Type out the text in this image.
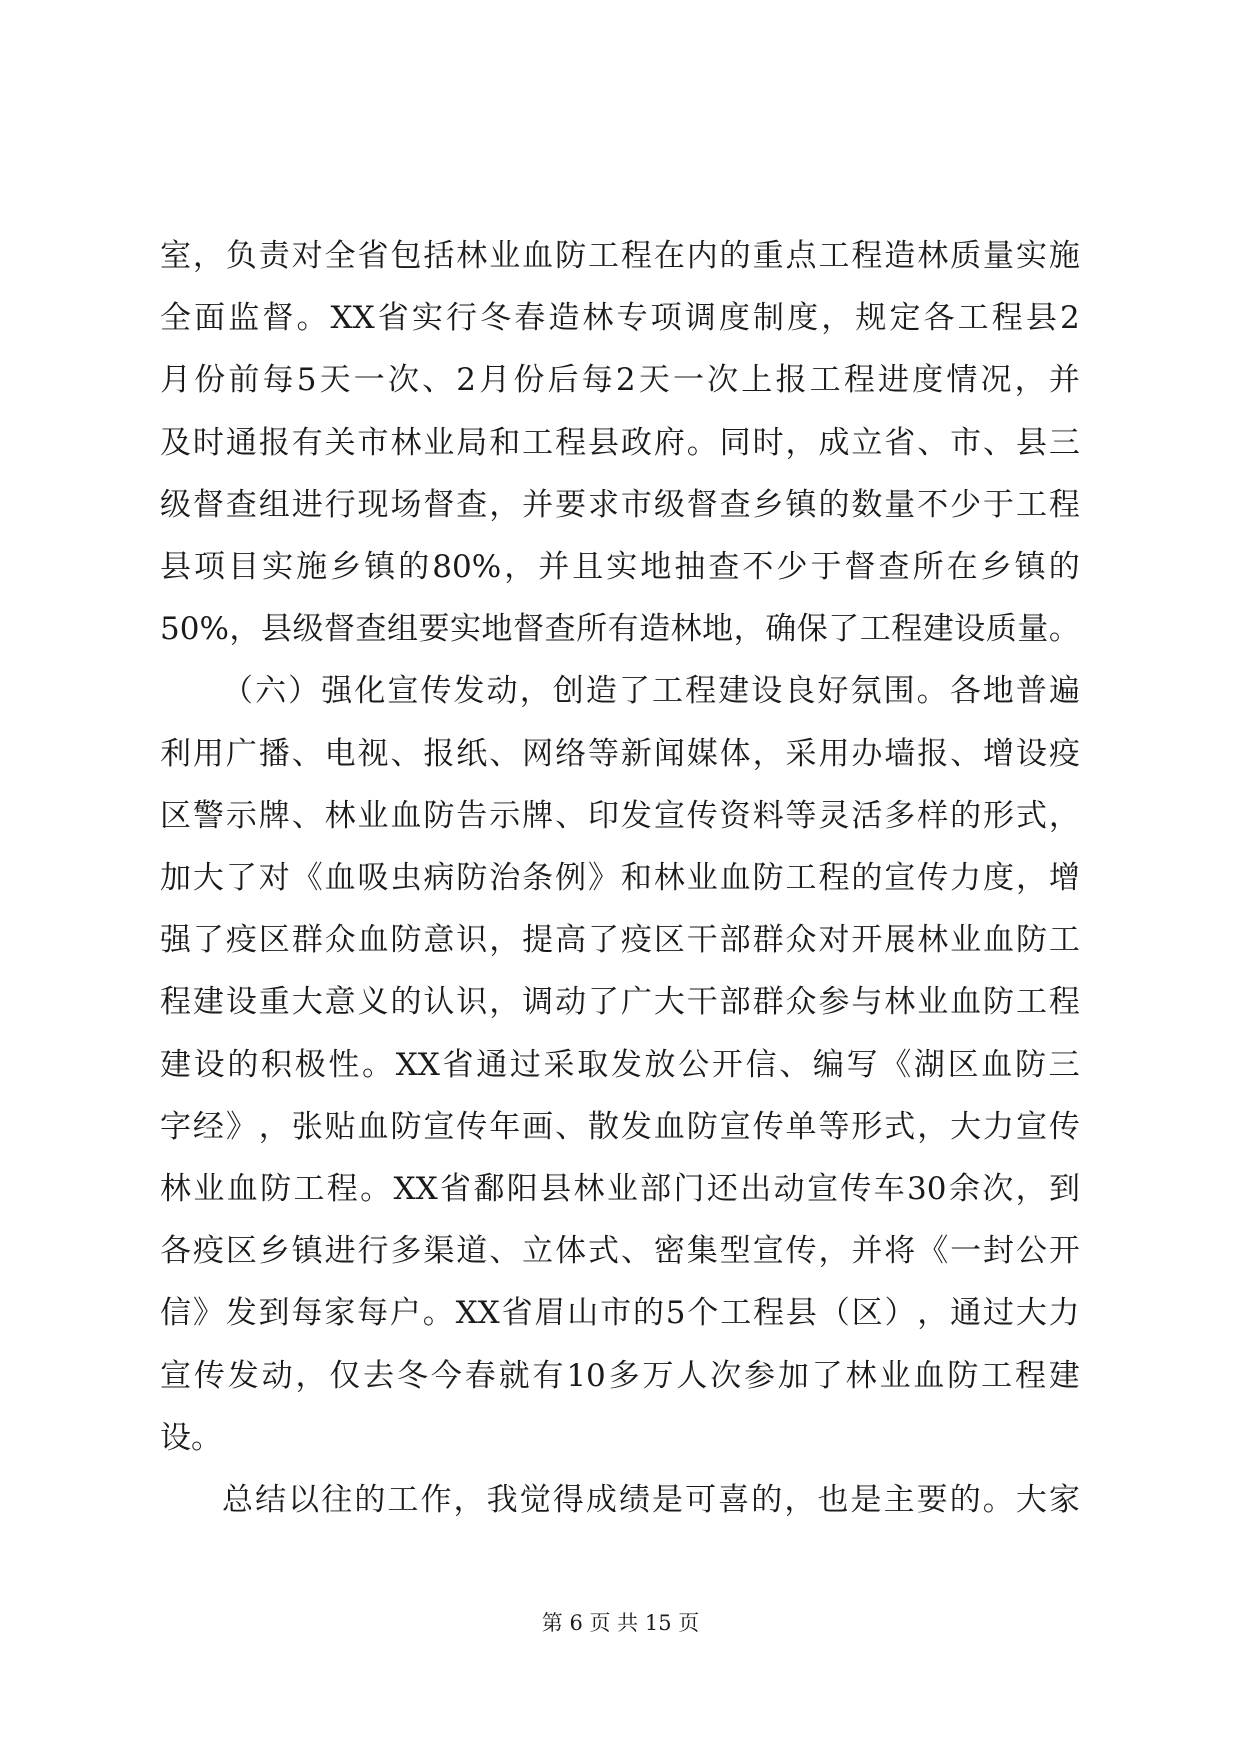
室 ， 负 责 对 全 省 包 括 林 业 血 防 工 程 在 内 的 重 点 工 程 造 林 质 量 实 施
全 面 监 督 。 XX 省 实 行 冬 春 造 林 专 项 调 度 制 度 ， 规 定 各 工 程 县 2
月 份 前 每 5 天 一 次 、 2 月 份 后 每 2 天 一 次 上 报 工 程 进 度 情 况 ， 并
及 时 通 报 有 关 市 林 业 局 和 工 程 县 政 府 。 同 时 ， 成 立 省 、 市 、 县 三
级 督 查 组 进 行 现 场 督 查 ， 并 要 求 市 级 督 查 乡 镇 的 数 量 不 少 于 工 程
县 项 目 实 施 乡 镇 的 80% ， 并 且 实 地 抽 查 不 少 于 督 查 所 在 乡 镇 的
50% ， 县 级 督 查 组 要 实 地 督 查 所 有 造 林 地 ， 确 保 了 工 程 建 设 质 量 。
（ 六 ） 强 化 宣 传 发 动 ， 创 造 了 工 程 建 设 良 好 氛 围 。 各 地 普 遍
利 用 广 播 、 电 视 、 报 纸 、 网 络 等 新 闻 媒 体 ， 采 用 办 墙 报 、 增 设 疫
区 警 示 牌 、 林 业 血 防 告 示 牌 、 印 发 宣 传 资 料 等 灵 活 多 样 的 形 式 ，
加 大 了 对 《 血 吸 虫 病 防 治 条 例 》 和 林 业 血 防 工 程 的 宣 传 力 度 ， 增
强 了 疫 区 群 众 血 防 意 识 ， 提 高 了 疫 区 干 部 群 众 对 开 展 林 业 血 防 工
程 建 设 重 大 意 义 的 认 识 ， 调 动 了 广 大 干 部 群 众 参 与 林 业 血 防 工 程
建 设 的 积 极 性 。 XX 省 通 过 采 取 发 放 公 开 信 、 编 写 《 湖 区 血 防 三
字 经 》 ， 张 贴 血 防 宣 传 年 画 、 散 发 血 防 宣 传 单 等 形 式 ， 大 力 宣 传
林 业 血 防 工 程 。 XX 省 鄱 阳 县 林 业 部 门 还 出 动 宣 传 车 30 余 次 ， 到
各 疫 区 乡 镇 进 行 多 渠 道 、 立 体 式 、 密 集 型 宣 传 ， 并 将 《 一 封 公 开
信 》 发 到 每 家 每 户 。 XX 省 眉 山 市 的 5 个 工 程 县 （ 区 ） ， 通 过 大 力
宣 传 发 动 ， 仅 去 冬 今 春 就 有 10 多 万 人 次 参 加 了 林 业 血 防 工 程 建
设 。
总 结 以 往 的 工 作 ， 我 觉 得 成 绩 是 可 喜 的 ， 也 是 主 要 的 。 大 家
第 6 页 共 15 页
